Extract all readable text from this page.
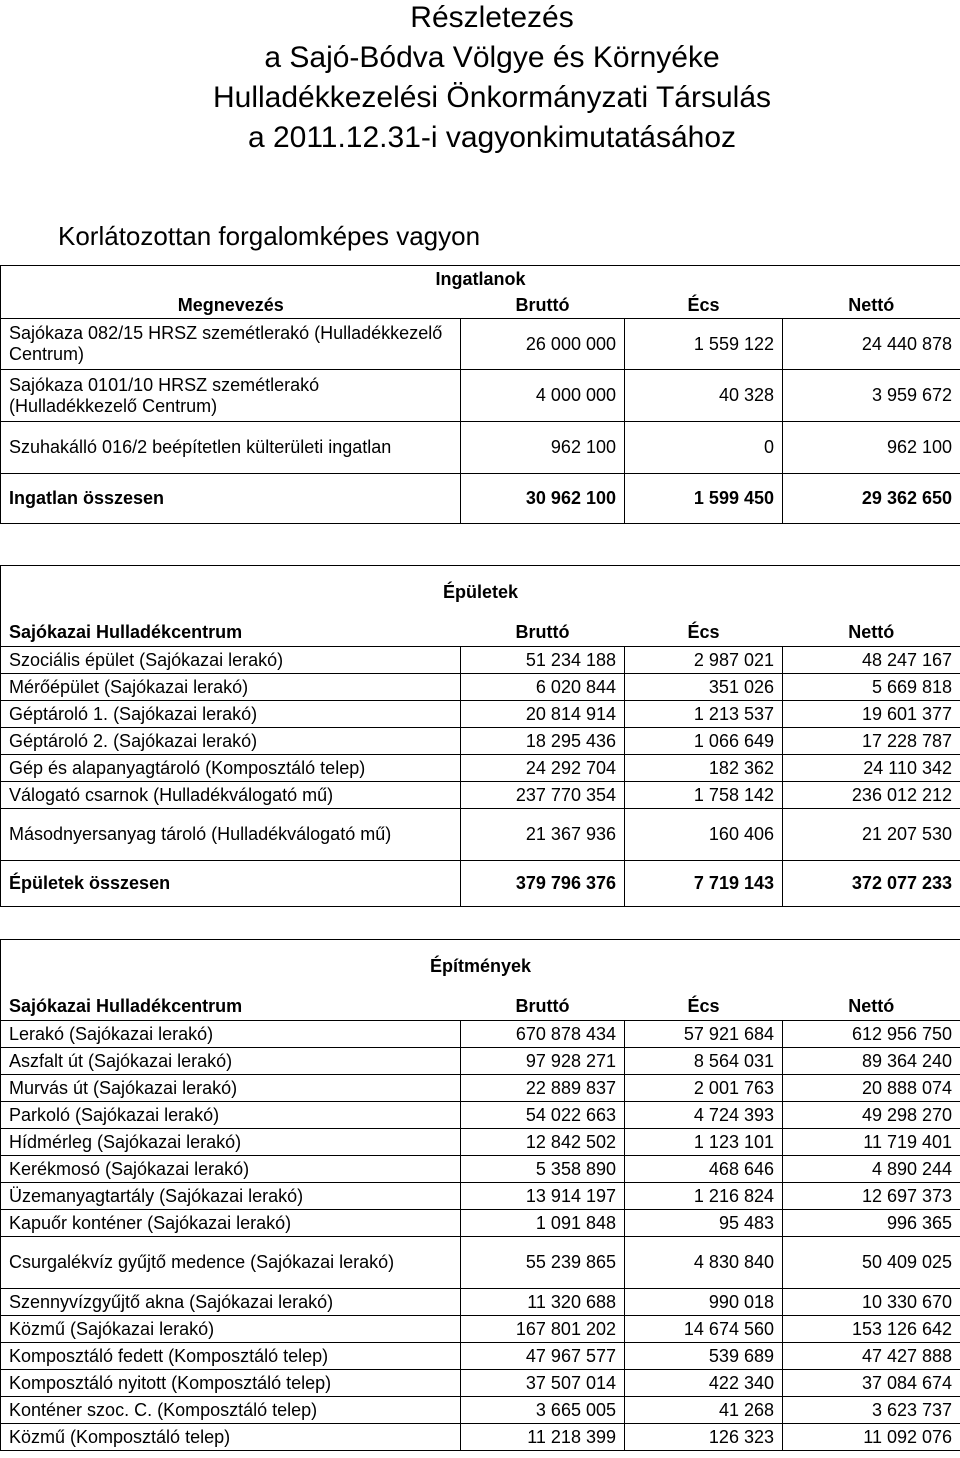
Részletezés
a Sajó-Bódva Völgye és Környéke
Hulladékkezelési Önkormányzati Társulás
a 2011.12.31-i vagyonkimutatásához
Korlátozottan forgalomképes vagyon
Ingatlanok			
Megnevezés	Bruttó	Écs	Nettó
Sajókaza 082/15 HRSZ szemétlerakó (Hulladékkezelő Centrum)	26 000 000	1 559 122	24 440 878
Sajókaza 0101/10 HRSZ szemétlerakó (Hulladékkezelő Centrum)	4 000 000	40 328	3 959 672
Szuhakálló 016/2 beépítetlen külterületi ingatlan	962 100	0	962 100
Ingatlan összesen	30 962 100	1 599 450	29 362 650
Épületek			
Sajókazai Hulladékcentrum	Bruttó	Écs	Nettó
Szociális épület (Sajókazai lerakó)	51 234 188	2 987 021	48 247 167
Mérőépület (Sajókazai lerakó)	6 020 844	351 026	5 669 818
Géptároló 1. (Sajókazai lerakó)	20 814 914	1 213 537	19 601 377
Géptároló 2. (Sajókazai lerakó)	18 295 436	1 066 649	17 228 787
Gép és alapanyagtároló (Komposztáló telep)	24 292 704	182 362	24 110 342
Válogató csarnok (Hulladékválogató mű)	237 770 354	1 758 142	236 012 212
Másodnyersanyag tároló (Hulladékválogató mű)	21 367 936	160 406	21 207 530
Épületek összesen	379 796 376	7 719 143	372 077 233
Építmények			
Sajókazai Hulladékcentrum	Bruttó	Écs	Nettó
Lerakó (Sajókazai lerakó)	670 878 434	57 921 684	612 956 750
Aszfalt út (Sajókazai lerakó)	97 928 271	8 564 031	89 364 240
Murvás út (Sajókazai lerakó)	22 889 837	2 001 763	20 888 074
Parkoló (Sajókazai lerakó)	54 022 663	4 724 393	49 298 270
Hídmérleg (Sajókazai lerakó)	12 842 502	1 123 101	11 719 401
Kerékmosó (Sajókazai lerakó)	5 358 890	468 646	4 890 244
Üzemanyagtartály (Sajókazai lerakó)	13 914 197	1 216 824	12 697 373
Kapuőr konténer (Sajókazai lerakó)	1 091 848	95 483	996 365
Csurgalékvíz gyűjtő medence (Sajókazai lerakó)	55 239 865	4 830 840	50 409 025
Szennyvízgyűjtő akna (Sajókazai lerakó)	11 320 688	990 018	10 330 670
Közmű (Sajókazai lerakó)	167 801 202	14 674 560	153 126 642
Komposztáló fedett (Komposztáló telep)	47 967 577	539 689	47 427 888
Komposztáló nyitott (Komposztáló telep)	37 507 014	422 340	37 084 674
Konténer szoc. C. (Komposztáló telep)	3 665 005	41 268	3 623 737
Közmű (Komposztáló telep)	11 218 399	126 323	11 092 076
